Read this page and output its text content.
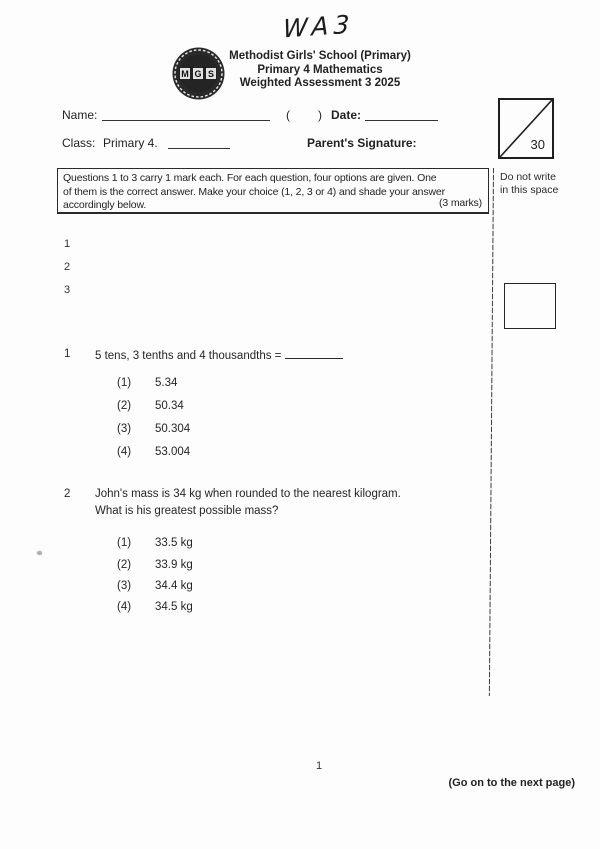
WA3
M G S
Methodist Girls' School (Primary)
Primary 4 Mathematics
Weighted Assessment 3 2025
Name:	( ) Date:
Class: Primary 4.	Parent's Signature:	30
Questions 1 to 3 carry 1 mark each. For each question, four options are given. One
of them is the correct answer. Make your choice (1, 2, 3 or 4) and shade your answer
accordingly below.	(3 marks)
Do not write
in this space
1
2
3
1 5 tens, 3 tenths and 4 thousandths =
(1) 5.34
(2) 50.34
(3) 50.304
(4) 53.004
2 John's mass is 34 kg when rounded to the nearest kilogram.
What is his greatest possible mass?
(1) 33.5 kg
(2) 33.9 kg
(3) 34.4 kg
(4) 34.5 kg
1
(Go on to the next page)
